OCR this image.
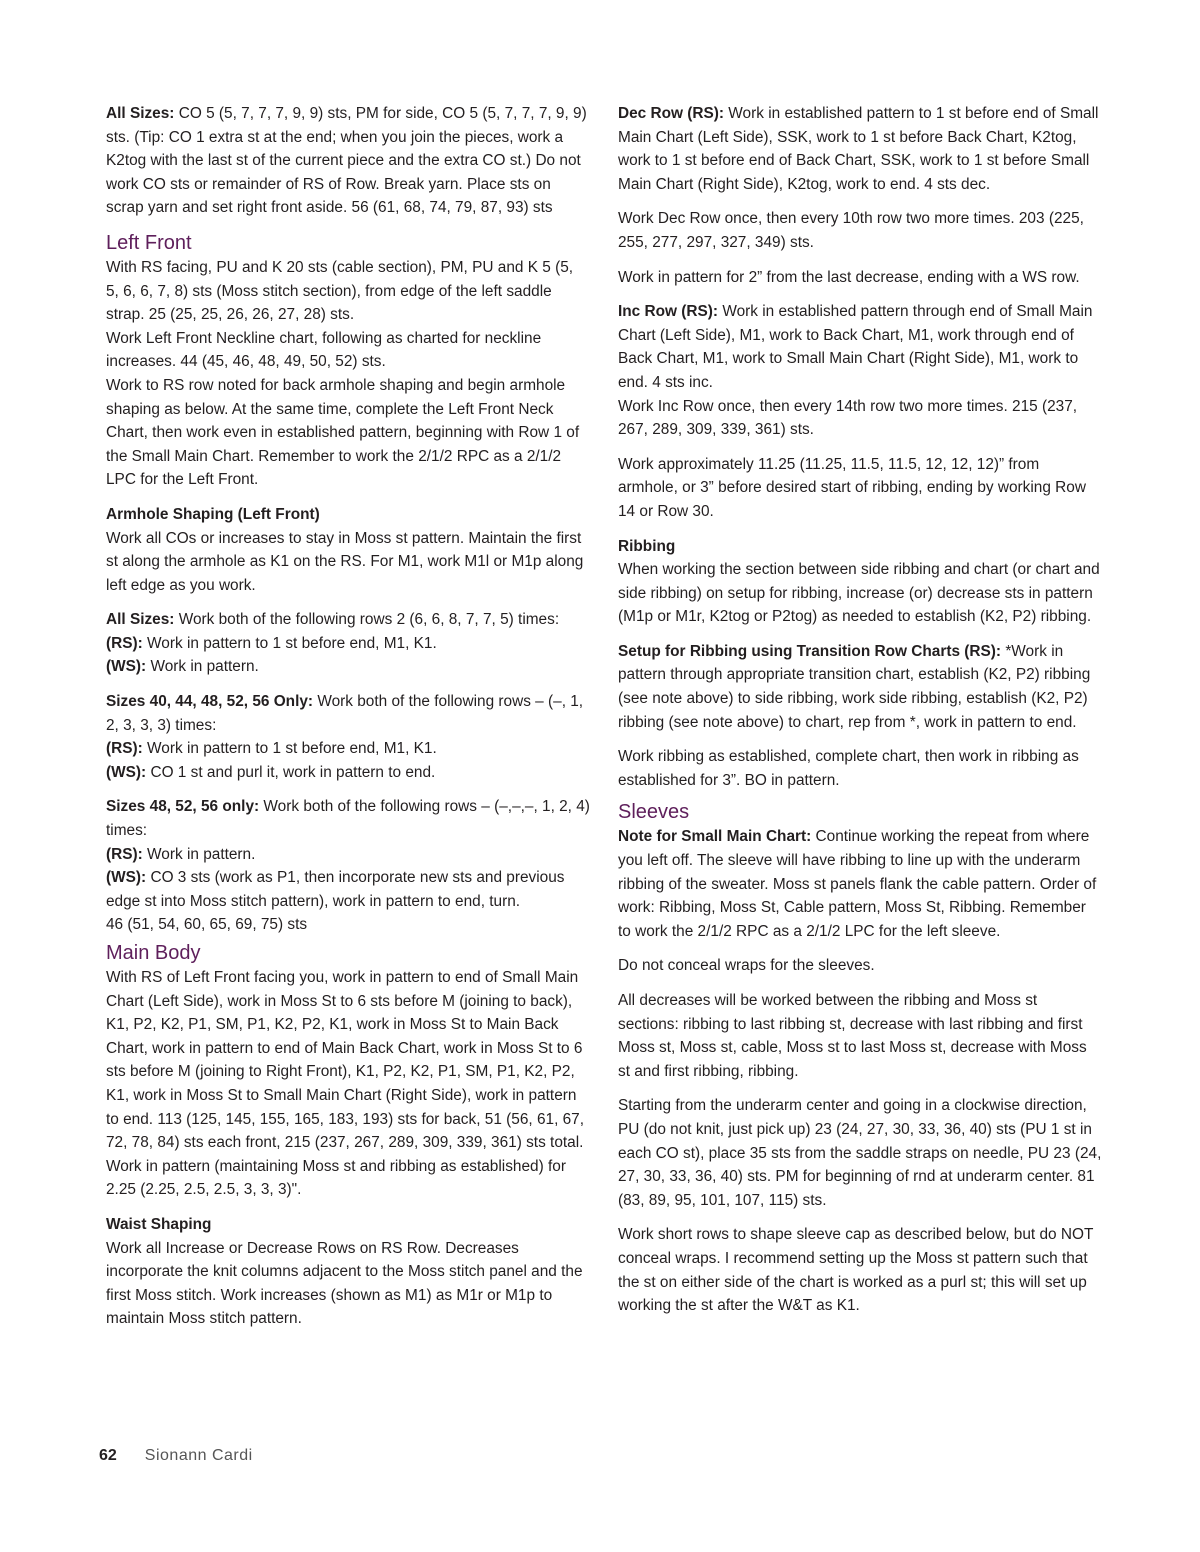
All Sizes: CO 5 (5, 7, 7, 7, 9, 9) sts, PM for side, CO 5 (5, 7, 7, 7, 9, 9) sts. (Tip: CO 1 extra st at the end; when you join the pieces, work a K2tog with the last st of the current piece and the extra CO st.) Do not work CO sts or remainder of RS of Row. Break yarn. Place sts on scrap yarn and set right front aside. 56 (61, 68, 74, 79, 87, 93) sts

Left Front

With RS facing, PU and K 20 sts (cable section), PM, PU and K 5 (5, 5, 6, 6, 7, 8) sts (Moss stitch section), from edge of the left saddle strap. 25 (25, 25, 26, 26, 27, 28) sts.
Work Left Front Neckline chart, following as charted for neckline increases. 44 (45, 46, 48, 49, 50, 52) sts.
Work to RS row noted for back armhole shaping and begin armhole shaping as below. At the same time, complete the Left Front Neck Chart, then work even in established pattern, beginning with Row 1 of the Small Main Chart. Remember to work the 2/1/2 RPC as a 2/1/2 LPC for the Left Front.

Armhole Shaping (Left Front)
Work all COs or increases to stay in Moss st pattern. Maintain the first st along the armhole as K1 on the RS. For M1, work M1l or M1p along left edge as you work.

All Sizes: Work both of the following rows 2 (6, 6, 8, 7, 7, 5) times:
(RS): Work in pattern to 1 st before end, M1, K1.
(WS): Work in pattern.

Sizes 40, 44, 48, 52, 56 Only: Work both of the following rows – (–, 1, 2, 3, 3, 3) times:
(RS): Work in pattern to 1 st before end, M1, K1.
(WS): CO 1 st and purl it, work in pattern to end.

Sizes 48, 52, 56 only: Work both of the following rows – (–,–,–, 1, 2, 4) times:
(RS): Work in pattern.
(WS): CO 3 sts (work as P1, then incorporate new sts and previous edge st into Moss stitch pattern), work in pattern to end, turn.
46 (51, 54, 60, 65, 69, 75) sts

Main Body

With RS of Left Front facing you, work in pattern to end of Small Main Chart (Left Side), work in Moss St to 6 sts before M (joining to back), K1, P2, K2, P1, SM, P1, K2, P2, K1, work in Moss St to Main Back Chart, work in pattern to end of Main Back Chart, work in Moss St to 6 sts before M (joining to Right Front), K1, P2, K2, P1, SM, P1, K2, P2, K1, work in Moss St to Small Main Chart (Right Side), work in pattern to end. 113 (125, 145, 155, 165, 183, 193) sts for back, 51 (56, 61, 67, 72, 78, 84) sts each front, 215 (237, 267, 289, 309, 339, 361) sts total. Work in pattern (maintaining Moss st and ribbing as established) for 2.25 (2.25, 2.5, 2.5, 3, 3, 3)".

Waist Shaping
Work all Increase or Decrease Rows on RS Row. Decreases incorporate the knit columns adjacent to the Moss stitch panel and the first Moss stitch. Work increases (shown as M1) as M1r or M1p to maintain Moss stitch pattern.

Dec Row (RS): Work in established pattern to 1 st before end of Small Main Chart (Left Side), SSK, work to 1 st before Back Chart, K2tog, work to 1 st before end of Back Chart, SSK, work to 1 st before Small Main Chart (Right Side), K2tog, work to end. 4 sts dec.

Work Dec Row once, then every 10th row two more times. 203 (225, 255, 277, 297, 327, 349) sts.

Work in pattern for 2” from the last decrease, ending with a WS row.

Inc Row (RS): Work in established pattern through end of Small Main Chart (Left Side), M1, work to Back Chart, M1, work through end of Back Chart, M1, work to Small Main Chart (Right Side), M1, work to end. 4 sts inc.

Work Inc Row once, then every 14th row two more times. 215 (237, 267, 289, 309, 339, 361) sts.

Work approximately 11.25 (11.25, 11.5, 11.5, 12, 12, 12)” from armhole, or 3” before desired start of ribbing, ending by working Row 14 or Row 30.

Ribbing
When working the section between side ribbing and chart (or chart and side ribbing) on setup for ribbing, increase (or) decrease sts in pattern (M1p or M1r, K2tog or P2tog) as needed to establish (K2, P2) ribbing.

Setup for Ribbing using Transition Row Charts (RS): *Work in pattern through appropriate transition chart, establish (K2, P2) ribbing (see note above) to side ribbing, work side ribbing, establish (K2, P2) ribbing (see note above) to chart, rep from *, work in pattern to end.

Work ribbing as established, complete chart, then work in ribbing as established for 3”. BO in pattern.

Sleeves

Note for Small Main Chart: Continue working the repeat from where you left off. The sleeve will have ribbing to line up with the underarm ribbing of the sweater. Moss st panels flank the cable pattern. Order of work: Ribbing, Moss St, Cable pattern, Moss St, Ribbing. Remember to work the 2/1/2 RPC as a 2/1/2 LPC for the left sleeve.

Do not conceal wraps for the sleeves.

All decreases will be worked between the ribbing and Moss st sections: ribbing to last ribbing st, decrease with last ribbing and first Moss st, Moss st, cable, Moss st to last Moss st, decrease with Moss st and first ribbing, ribbing.

Starting from the underarm center and going in a clockwise direction, PU (do not knit, just pick up) 23 (24, 27, 30, 33, 36, 40) sts (PU 1 st in each CO st), place 35 sts from the saddle straps on needle, PU 23 (24, 27, 30, 33, 36, 40) sts. PM for beginning of rnd at underarm center. 81 (83, 89, 95, 101, 107, 115) sts.

Work short rows to shape sleeve cap as described below, but do NOT conceal wraps. I recommend setting up the Moss st pattern such that the st on either side of the chart is worked as a purl st; this will set up working the st after the W&T as K1.

62 Sionann Cardi
